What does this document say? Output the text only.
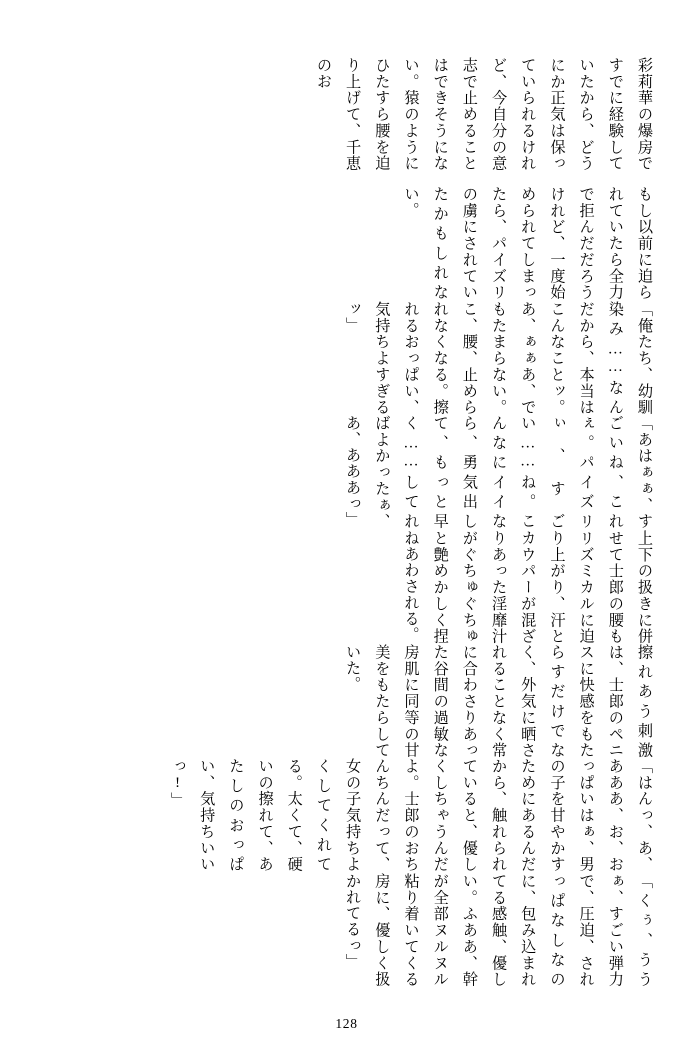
「くぅ、ううぁ、すごい弾力で、圧迫、されっぱなしなのに、包み込まれてる感触、優しい。ふああ、幹が全部ヌルヌル粘り着いてくる房に、優しく扱かれてるっ」

「はんっ、あ、あああ、お、おっぱいはぁ、男の子を甘やかすためにあるんだから、触れられていると、優しくしちゃうんだよ。士郎のおちんちんだって、女の子気持ちよくしてくれてる。太くて、硬いの擦れて、あたしのおっぱい、気持ちいいっ!」

擦れあう刺激は、士郎のペニスに快感をもたらすだけでなく、外気に晒されることなく常に合わさりあった谷間の過敏な房肌に同等の甘美をもたらしていた。

上下の扱きに併せて士郎の腰もリズミカルに迫り上がり、汗とカウパーが混ざりあった淫靡汁がぐちゅぐちゅと艶めかしく捏ねあわされる。

「あはぁぁ、すごいね、これぇ。パイズリぃ、すごい……ね。こんなにイイなら、勇気出して、もっと早く……してればよかったぁ、あ、あああっ」

「俺たち、幼馴染み……なんだから、本当はこんなことッ。あ、ぁぁあ、でもたまらない。こ、腰、止められなくなる。擦れるおっぱい、気持ちよすぎるッ」

もし以前に迫られていたら全力で拒んだだろうけれど、一度始められてしまったら、パイズリの虜にされていたかもしれない。

彩莉華の爆房ですでに経験していたから、どうにか正気は保っていられるけれど、今自分の意志で止めることはできそうにない。猿のようにひたすら腰を迫り上げて、千恵のお

128
